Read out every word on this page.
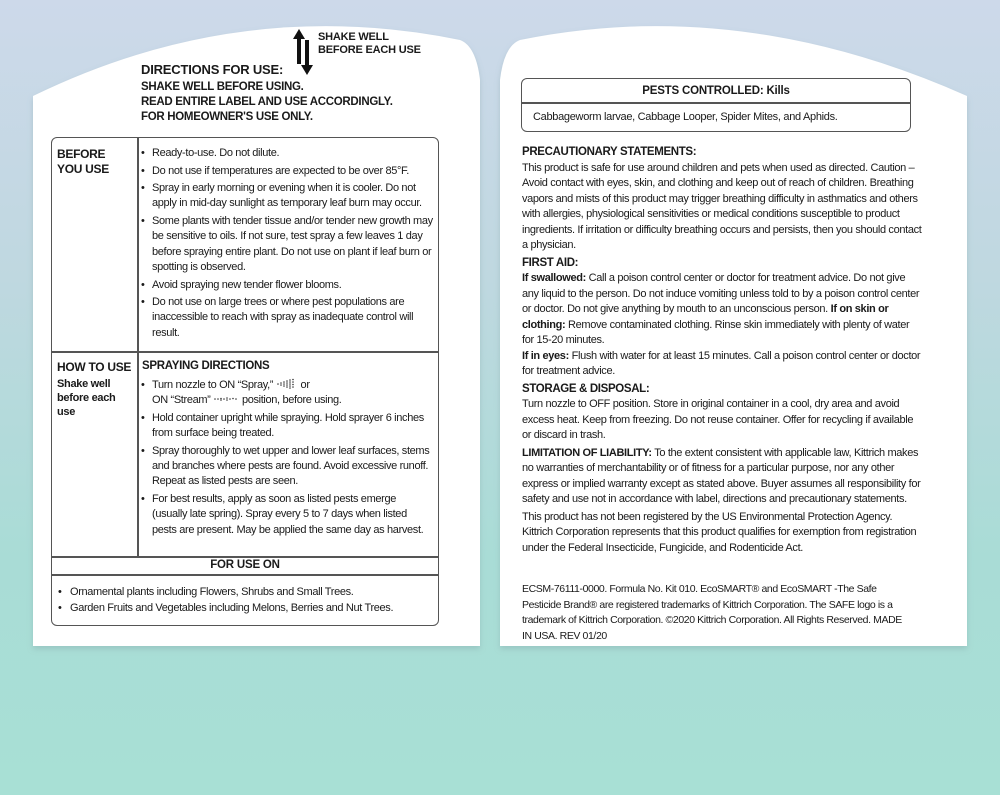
SHAKE WELL
BEFORE EACH USE
DIRECTIONS FOR USE:
SHAKE WELL BEFORE USING.
READ ENTIRE LABEL AND USE ACCORDINGLY.
FOR HOMEOWNER'S USE ONLY.
BEFORE YOU USE
• Ready-to-use. Do not dilute.
• Do not use if temperatures are expected to be over 85°F.
• Spray in early morning or evening when it is cooler. Do not apply in mid-day sunlight as temporary leaf burn may occur.
• Some plants with tender tissue and/or tender new growth may be sensitive to oils. If not sure, test spray a few leaves 1 day before spraying entire plant. Do not use on plant if leaf burn or spotting is observed.
• Avoid spraying new tender flower blooms.
• Do not use on large trees or where pest populations are inaccessible to reach with spray as inadequate control will result.
HOW TO USE
Shake well before each use
SPRAYING DIRECTIONS
• Turn nozzle to ON “Spray,” or
ON “Stream”	position, before using.
• Hold container upright while spraying. Hold sprayer 6 inches from surface being treated.
• Spray thoroughly to wet upper and lower leaf surfaces, stems and branches where pests are found. Avoid excessive runoff. Repeat as listed pests are seen.
• For best results, apply as soon as listed pests emerge (usually late spring). Spray every 5 to 7 days when listed pests are present. May be applied the same day as harvest.
FOR USE ON
• Ornamental plants including Flowers, Shrubs and Small Trees.
• Garden Fruits and Vegetables including Melons, Berries and Nut Trees.
PESTS CONTROLLED: Kills
Cabbageworm larvae, Cabbage Looper, Spider Mites, and Aphids.

PRECAUTIONARY STATEMENTS:

This product is safe for use around children and pets when used as directed. Caution – Avoid contact with eyes, skin, and clothing and keep out of reach of children. Breathing vapors and mists of this product may trigger breathing difficulty in asthmatics and others with allergies, physiological sensitivities or medical conditions susceptible to product ingredients. If irritation or difficulty breathing occurs and persists, then you should contact a physician.

FIRST AID:

If swallowed: Call a poison control center or doctor for treatment advice. Do not give any liquid to the person. Do not induce vomiting unless told to by a poison control center or doctor. Do not give anything by mouth to an unconscious person. If on skin or clothing: Remove contaminated clothing. Rinse skin immediately with plenty of water for 15-20 minutes.

If in eyes: Flush with water for at least 15 minutes. Call a poison control center or doctor for treatment advice.

STORAGE & DISPOSAL:

Turn nozzle to OFF position. Store in original container in a cool, dry area and avoid excess heat. Keep from freezing. Do not reuse container. Offer for recycling if available or discard in trash.

LIMITATION OF LIABILITY: To the extent consistent with applicable law, Kittrich makes no warranties of merchantability or of fitness for a particular purpose, nor any other express or implied warranty except as stated above. Buyer assumes all responsibility for safety and use not in accordance with label, directions and precautionary statements.

This product has not been registered by the US Environmental Protection Agency. Kittrich Corporation represents that this product qualifies for exemption from registration under the Federal Insecticide, Fungicide, and Rodenticide Act.

ECSM-76111-0000. Formula No. Kit 010. EcoSMART® and EcoSMART -The Safe Pesticide Brand® are registered trademarks of Kittrich Corporation. The SAFE logo is a trademark of Kittrich Corporation. ©2020 Kittrich Corporation. All Rights Reserved. MADE IN USA. REV 01/20
